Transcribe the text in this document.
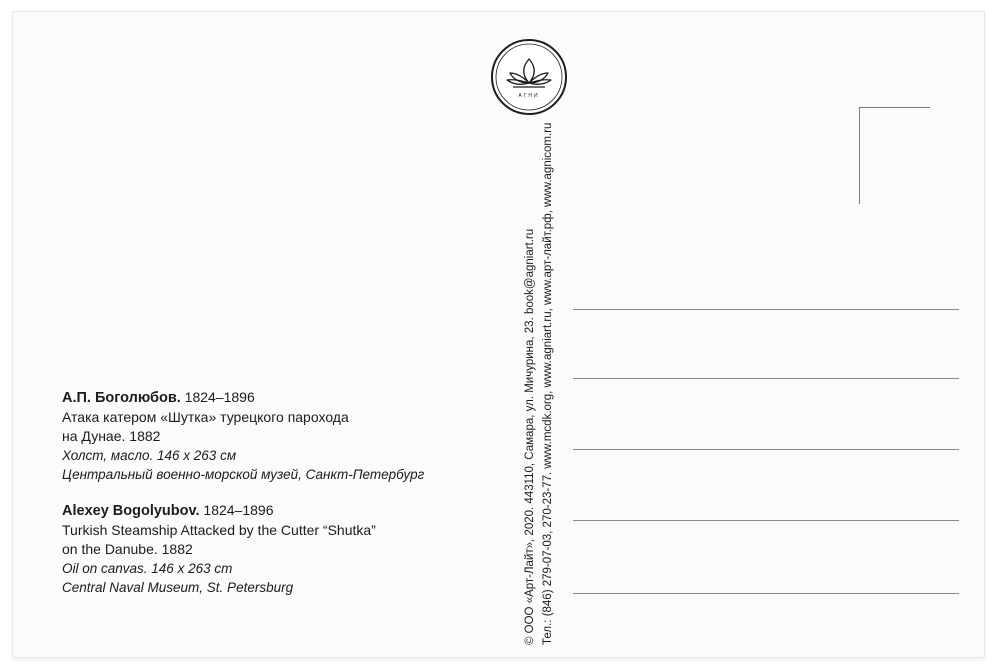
А.П. Боголюбов. 1824–1896
Атака катером «Шутка» турецкого парохода
на Дунае. 1882
Холст, масло. 146 x 263 см
Центральный военно-морской музей, Санкт-Петербург
Alexey Bogolyubov. 1824–1896
Turkish Steamship Attacked by the Cutter “Shutka”
on the Danube. 1882
Oil on canvas. 146 x 263 cm
Central Naval Museum, St. Petersburg
АГНИ
© ООО «Арт-Лайт», 2020. 443110, Самара, ул. Мичурина, 23. book@agniart.ru Тел.: (846) 279-07-03, 270-23-77. www.mcdk.org, www.agniart.ru, www.арт-лайт.рф, www.agnicom.ru
